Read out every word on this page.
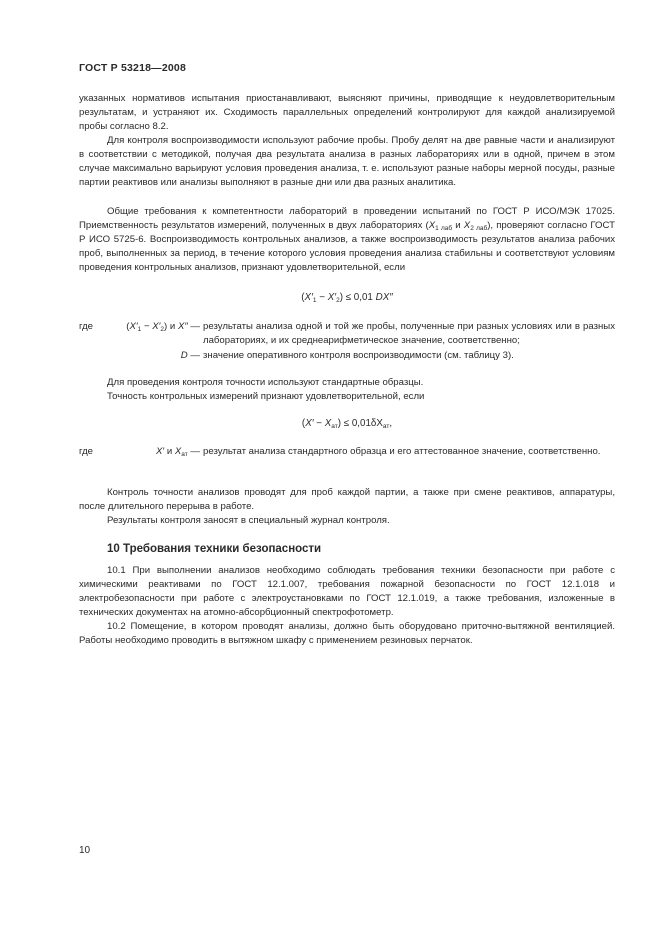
ГОСТ Р 53218—2008
указанных нормативов испытания приостанавливают, выясняют причины, приводящие к неудовлетворительным результатам, и устраняют их. Сходимость параллельных определений контролируют для каждой анализируемой пробы согласно 8.2.
Для контроля воспроизводимости используют рабочие пробы. Пробу делят на две равные части и анализируют в соответствии с методикой, получая два результата анализа в разных лабораториях или в одной, причем в этом случае максимально варьируют условия проведения анализа, т. е. используют разные наборы мерной посуды, разные партии реактивов или анализы выполняют в разные дни или два разных аналитика.
Общие требования к компетентности лабораторий в проведении испытаний по ГОСТ Р ИСО/МЭК 17025. Приемственность результатов измерений, полученных в двух лабораториях ($X_{1 лаб}$ и $X_{2 лаб}$), проверяют согласно ГОСТ Р ИСО 5725-6. Воспроизводимость контрольных анализов, а также воспроизводимость результатов анализа рабочих проб, выполненных за период, в течение которого условия проведения анализа стабильны и соответствуют условиям проведения контрольных анализов, признают удовлетворительной, если
$(X'_1 - X'_2) \le 0,01$ DX″
где	$(X'_1 - X'_2)$ и X″ — результаты анализа одной и той же пробы, полученные при разных условиях или в разных лабораториях, и их среднеарифметическое значение, соответственно;
D — значение оперативного контроля воспроизводимости (см. таблицу 3).
Для проведения контроля точности используют стандартные образцы.
Точность контрольных измерений признают удовлетворительной, если
$(X' - X_{ат}) \le 0,01\delta X_{ат}$,
где	X′ и $X_{ат}$ — результат анализа стандартного образца и его аттестованное значение, соответственно.
Контроль точности анализов проводят для проб каждой партии, а также при смене реактивов, аппаратуры, после длительного перерыва в работе.
Результаты контроля заносят в специальный журнал контроля.
10 Требования техники безопасности
10.1 При выполнении анализов необходимо соблюдать требования техники безопасности при работе с химическими реактивами по ГОСТ 12.1.007, требования пожарной безопасности по ГОСТ 12.1.018 и электробезопасности при работе с электроустановками по ГОСТ 12.1.019, а также требования, изложенные в технических документах на атомно-абсорбционный спектрофотометр.
10.2 Помещение, в котором проводят анализы, должно быть оборудовано приточно-вытяжной вентиляцией. Работы необходимо проводить в вытяжном шкафу с применением резиновых перчаток.
10
